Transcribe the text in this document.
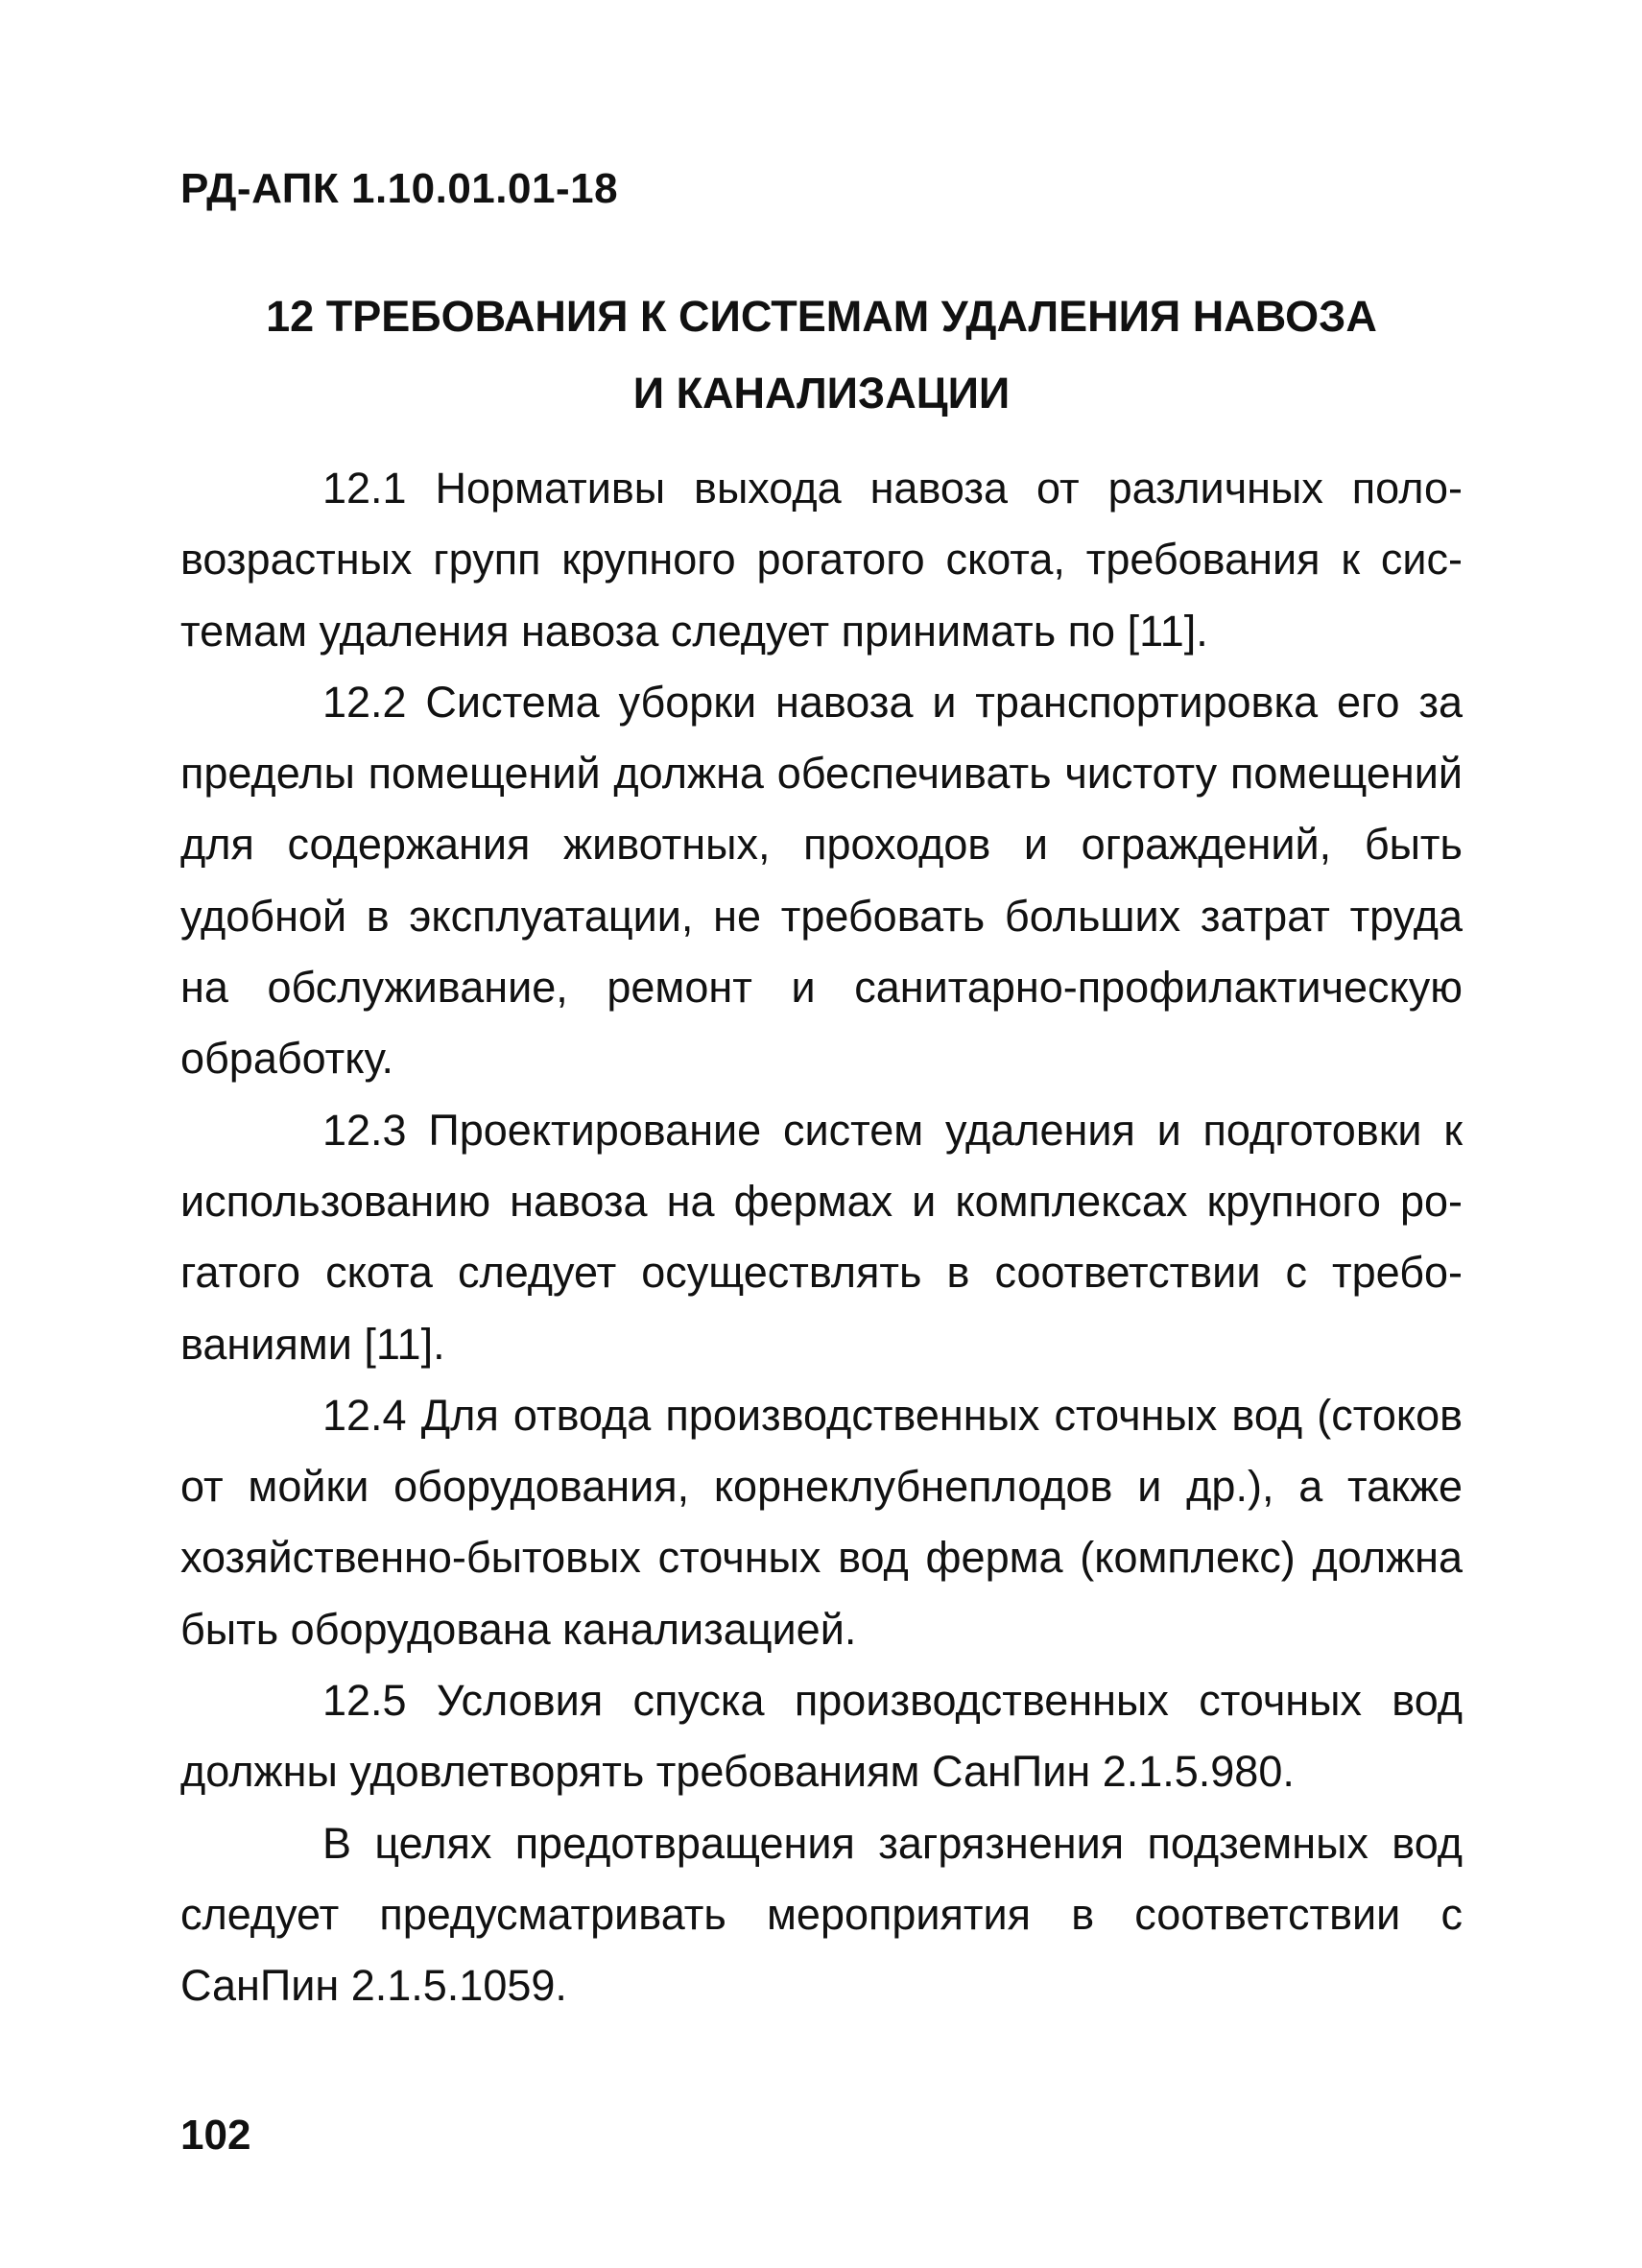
РД-АПК 1.10.01.01-18

12 ТРЕБОВАНИЯ К СИСТЕМАМ УДАЛЕНИЯ НАВОЗА
И КАНАЛИЗАЦИИ

12.1 Нормативы выхода навоза от различных половозрастных групп крупного рогатого скота, требования к системам удаления навоза следует принимать по [11].

12.2 Система уборки навоза и транспортировка его за пределы помещений должна обеспечивать чистоту помещений для содержания животных, проходов и ограждений, быть удобной в эксплуатации, не требовать больших затрат труда на обслуживание, ремонт и санитарно-профилактическую обработку.

12.3 Проектирование систем удаления и подготовки к использованию навоза на фермах и комплексах крупного рогатого скота следует осуществлять в соответствии с требованиями [11].

12.4 Для отвода производственных сточных вод (стоков от мойки оборудования, корнеклубнеплодов и др.), а также хозяйственно-бытовых сточных вод ферма (комплекс) должна быть оборудована канализацией.

12.5 Условия спуска производственных сточных вод должны удовлетворять требованиям СанПин 2.1.5.980.

В целях предотвращения загрязнения подземных вод следует предусматривать мероприятия в соответствии с СанПин 2.1.5.1059.

102
